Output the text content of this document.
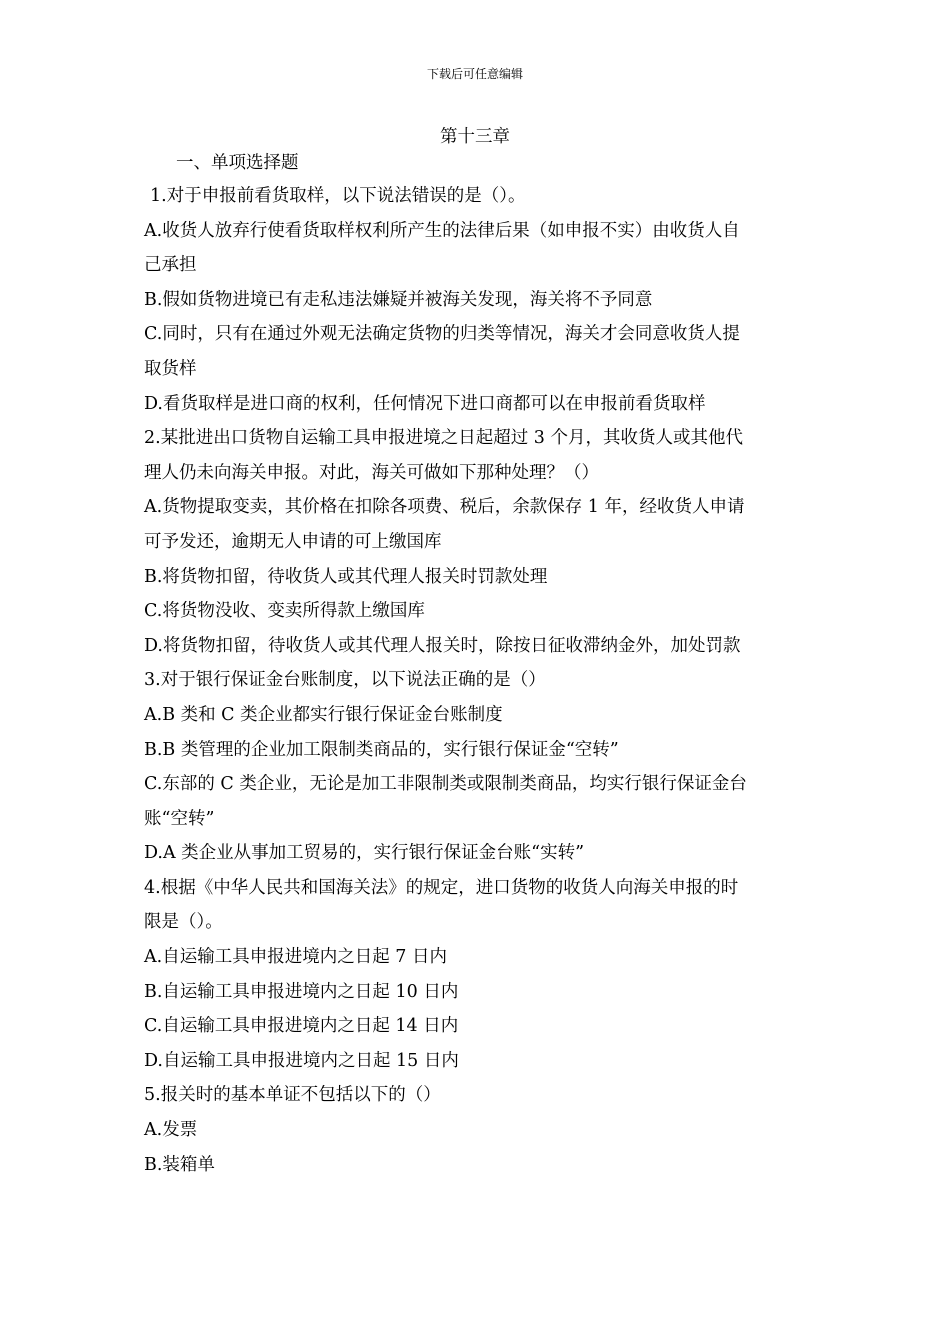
下载后可任意编辑
第十三章
一、单项选择题
1.对于申报前看货取样，以下说法错误的是（）。
A.收货人放弃行使看货取样权利所产生的法律后果（如申报不实）由收货人自
己承担
B.假如货物进境已有走私违法嫌疑并被海关发现，海关将不予同意
C.同时，只有在通过外观无法确定货物的归类等情况，海关才会同意收货人提
取货样
D.看货取样是进口商的权利，任何情况下进口商都可以在申报前看货取样
2.某批进出口货物自运输工具申报进境之日起超过 3 个月，其收货人或其他代
理人仍未向海关申报。对此，海关可做如下那种处理？（）
A.货物提取变卖，其价格在扣除各项费、税后，余款保存 1 年，经收货人申请
可予发还，逾期无人申请的可上缴国库
B.将货物扣留，待收货人或其代理人报关时罚款处理
C.将货物没收、变卖所得款上缴国库
D.将货物扣留，待收货人或其代理人报关时，除按日征收滞纳金外，加处罚款
3.对于银行保证金台账制度，以下说法正确的是（）
A.B 类和 C 类企业都实行银行保证金台账制度
B.B 类管理的企业加工限制类商品的，实行银行保证金“空转”
C.东部的 C 类企业，无论是加工非限制类或限制类商品，均实行银行保证金台
账“空转”
D.A 类企业从事加工贸易的，实行银行保证金台账“实转”
4.根据《中华人民共和国海关法》的规定，进口货物的收货人向海关申报的时
限是（）。
A.自运输工具申报进境内之日起 7 日内
B.自运输工具申报进境内之日起 10 日内
C.自运输工具申报进境内之日起 14 日内
D.自运输工具申报进境内之日起 15 日内
5.报关时的基本单证不包括以下的（）
A.发票
B.装箱单
